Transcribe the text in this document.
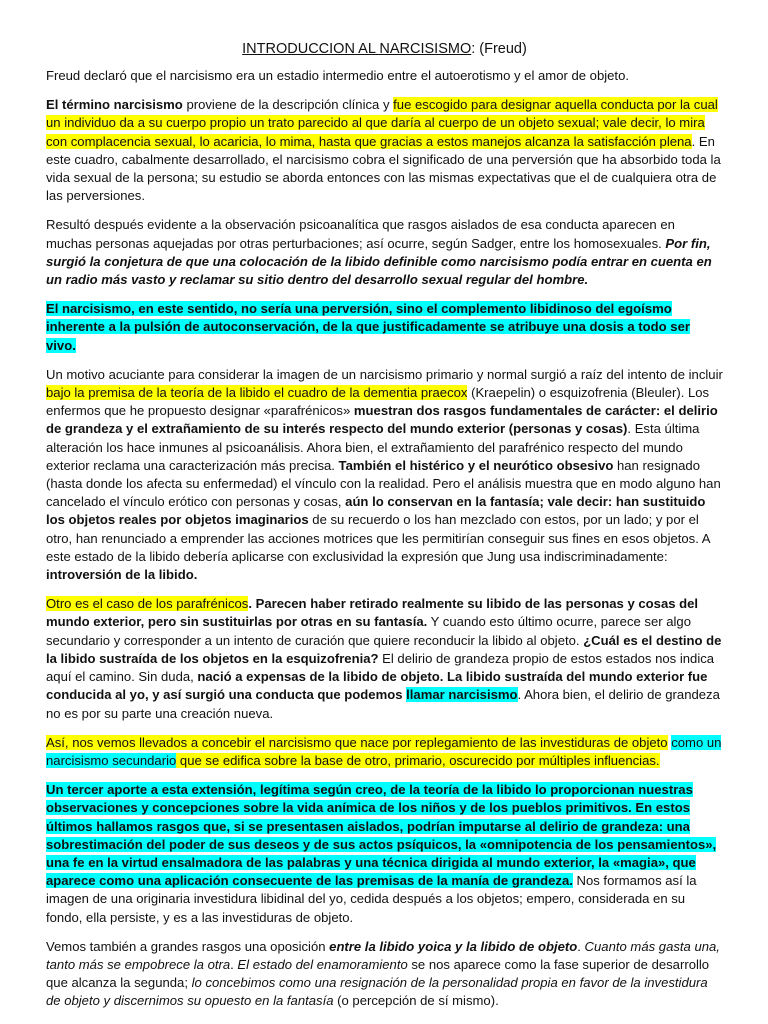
INTRODUCCION AL NARCISISMO: (Freud)

Freud declaró que el narcisismo era un estadio intermedio entre el autoerotismo y el amor de objeto.

El término narcisismo proviene de la descripción clínica y fue escogido para designar aquella conducta por la cual un individuo da a su cuerpo propio un trato parecido al que daría al cuerpo de un objeto sexual; vale decir, lo mira con complacencia sexual, lo acaricia, lo mima, hasta que gracias a estos manejos alcanza la satisfacción plena. En este cuadro, cabalmente desarrollado, el narcisismo cobra el significado de una perversión que ha absorbido toda la vida sexual de la persona; su estudio se aborda entonces con las mismas expectativas que el de cualquiera otra de las perversiones.

Resultó después evidente a la observación psicoanalítica que rasgos aislados de esa conducta aparecen en muchas personas aquejadas por otras perturbaciones; así ocurre, según Sadger, entre los homosexuales. Por fin, surgió la conjetura de que una colocación de la libido definible como narcisismo podía entrar en cuenta en un radio más vasto y reclamar su sitio dentro del desarrollo sexual regular del hombre.

El narcisismo, en este sentido, no sería una perversión, sino el complemento libidinoso del egoísmo inherente a la pulsión de autoconservación, de la que justificadamente se atribuye una dosis a todo ser vivo.

Un motivo acuciante para considerar la imagen de un narcisismo primario y normal surgió a raíz del intento de incluir bajo la premisa de la teoría de la libido el cuadro de la dementia praecox (Kraepelin) o esquizofrenia (Bleuler). Los enfermos que he propuesto designar «parafrénicos» muestran dos rasgos fundamentales de carácter: el delirio de grandeza y el extrañamiento de su interés respecto del mundo exterior (personas y cosas). Esta última alteración los hace inmunes al psicoanálisis. Ahora bien, el extrañamiento del parafrénico respecto del mundo exterior reclama una caracterización más precisa. También el histérico y el neurótico obsesivo han resignado (hasta donde los afecta su enfermedad) el vínculo con la realidad. Pero el análisis muestra que en modo alguno han cancelado el vínculo erótico con personas y cosas, aún lo conservan en la fantasía; vale decir: han sustituido los objetos reales por objetos imaginarios de su recuerdo o los han mezclado con estos, por un lado; y por el otro, han renunciado a emprender las acciones motrices que les permitirían conseguir sus fines en esos objetos. A este estado de la libido debería aplicarse con exclusividad la expresión que Jung usa indiscriminadamente: introversión de la libido.

Otro es el caso de los parafrénicos. Parecen haber retirado realmente su libido de las personas y cosas del mundo exterior, pero sin sustituirlas por otras en su fantasía. Y cuando esto último ocurre, parece ser algo secundario y corresponder a un intento de curación que quiere reconducir la libido al objeto. ¿Cuál es el destino de la libido sustraída de los objetos en la esquizofrenia? El delirio de grandeza propio de estos estados nos indica aquí el camino. Sin duda, nació a expensas de la libido de objeto. La libido sustraída del mundo exterior fue conducida al yo, y así surgió una conducta que podemos llamar narcisismo. Ahora bien, el delirio de grandeza no es por su parte una creación nueva.

Así, nos vemos llevados a concebir el narcisismo que nace por replegamiento de las investiduras de objeto como un narcisismo secundario que se edifica sobre la base de otro, primario, oscurecido por múltiples influencias.

Un tercer aporte a esta extensión, legítima según creo, de la teoría de la libido lo proporcionan nuestras observaciones y concepciones sobre la vida anímica de los niños y de los pueblos primitivos. En estos últimos hallamos rasgos que, si se presentasen aislados, podrían imputarse al delirio de grandeza: una sobrestimación del poder de sus deseos y de sus actos psíquicos, la «omnipotencia de los pensamientos», una fe en la virtud ensalmadora de las palabras y una técnica dirigida al mundo exterior, la «magia», que aparece como una aplicación consecuente de las premisas de la manía de grandeza. Nos formamos así la imagen de una originaria investidura libidinal del yo, cedida después a los objetos; empero, considerada en su fondo, ella persiste, y es a las investiduras de objeto.

Vemos también a grandes rasgos una oposición entre la libido yoica y la libido de objeto. Cuanto más gasta una, tanto más se empobrece la otra. El estado del enamoramiento se nos aparece como la fase superior de desarrollo que alcanza la segunda; lo concebimos como una resignación de la personalidad propia en favor de la investidura de objeto y discernimos su opuesto en la fantasía (o percepción de sí mismo).
